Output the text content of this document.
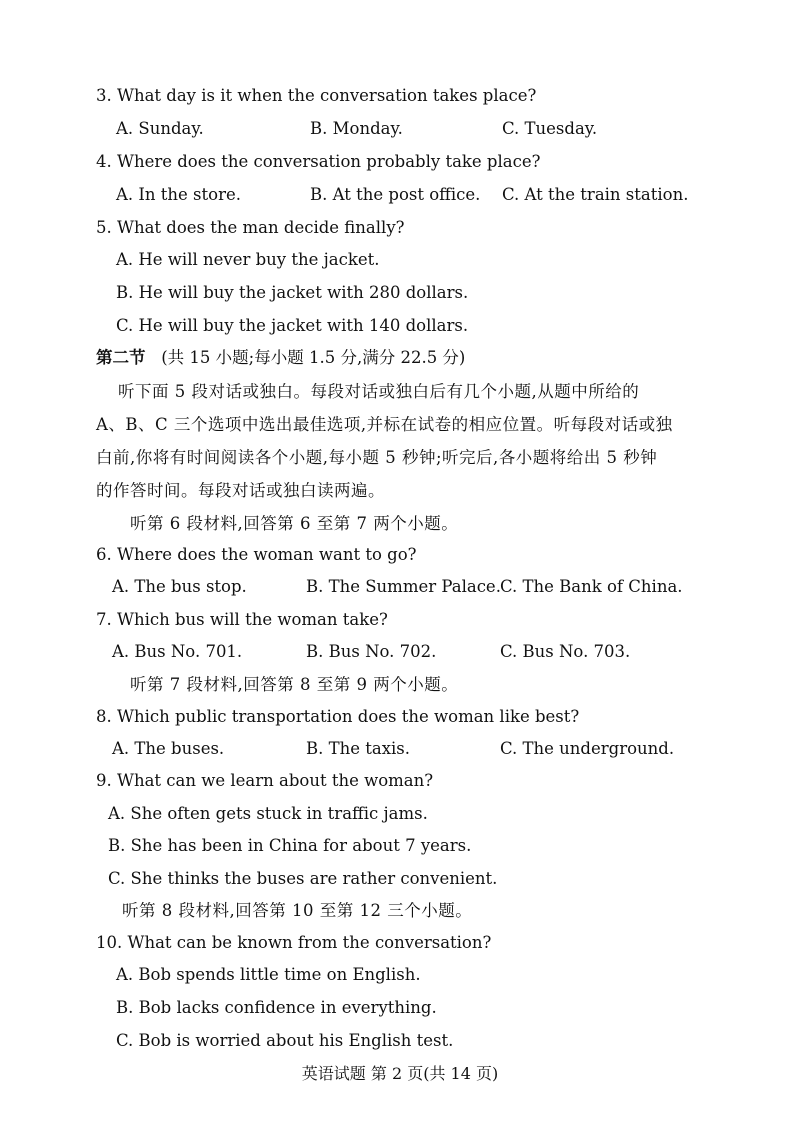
3. What day is it when the conversation takes place?
A. Sunday.	B. Monday.	C. Tuesday.
4. Where does the conversation probably take place?
A. In the store.	B. At the post office. C. At the train station.
5. What does the man decide finally?
A. He will never buy the jacket.
B. He will buy the jacket with 280 dollars.
C. He will buy the jacket with 140 dollars.
第二节 (共 15 小题;每小题 1.5 分,满分 22.5 分)
听下面 5 段对话或独白。每段对话或独白后有几个小题,从题中所给的
A、B、C 三个选项中选出最佳选项,并标在试卷的相应位置。听每段对话或独
白前,你将有时间阅读各个小题,每小题 5 秒钟;听完后,各小题将给出 5 秒钟
的作答时间。每段对话或独白读两遍。
听第 6 段材料,回答第 6 至第 7 两个小题。
6. Where does the woman want to go?
A. The bus stop.	B. The Summer Palace. C. The Bank of China.
7. Which bus will the woman take?
A. Bus No. 701.	B. Bus No. 702.	C. Bus No. 703.
听第 7 段材料,回答第 8 至第 9 两个小题。
8. Which public transportation does the woman like best?
A. The buses.	B. The taxis.	C. The underground.
9. What can we learn about the woman?
A. She often gets stuck in traffic jams.
B. She has been in China for about 7 years.
C. She thinks the buses are rather convenient.
听第 8 段材料,回答第 10 至第 12 三个小题。
10. What can be known from the conversation?
A. Bob spends little time on English.
B. Bob lacks confidence in everything.
C. Bob is worried about his English test.
英语试题 第 2 页(共 14 页)
